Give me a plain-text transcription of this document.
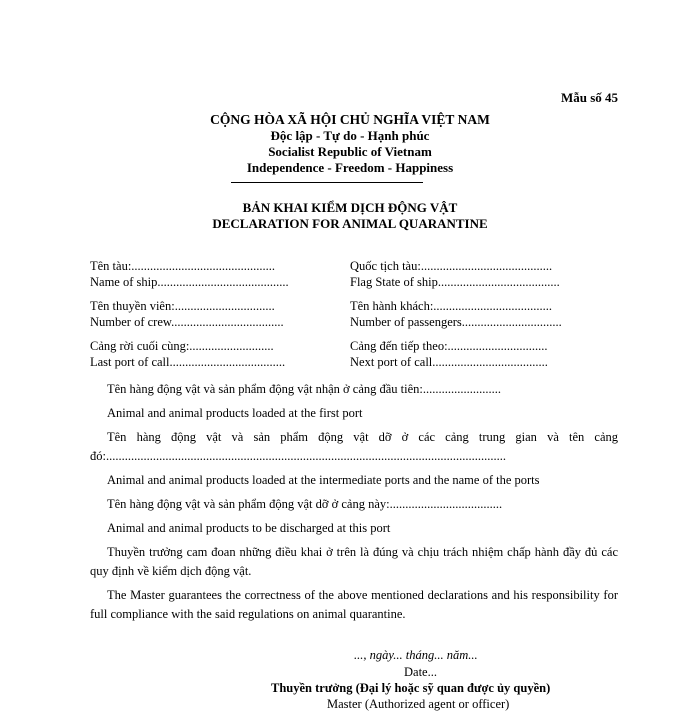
Mẫu số 45
CỘNG HÒA XÃ HỘI CHỦ NGHĨA VIỆT NAM
Độc lập - Tự do - Hạnh phúc
Socialist Republic of Vietnam
Independence - Freedom - Happiness
BẢN KHAI KIỂM DỊCH ĐỘNG VẬT
DECLARATION FOR ANIMAL QUARANTINE
Tên tàu:..............................................
Name of ship..........................................
Quốc tịch tàu:..........................................
Flag State of ship.......................................
Tên thuyền viên:................................
Number of crew....................................
Tên hành khách:......................................
Number of passengers................................
Cảng rời cuối cùng:...........................
Last port of call.....................................
Cảng đến tiếp theo:................................
Next port of call.....................................

Tên hàng động vật và sản phẩm động vật nhận ở cảng đầu tiên:.........................

Animal and animal products loaded at the first port

Tên hàng động vật và sản phẩm động vật dỡ ở các cảng trung gian và tên cảng đó:................................................................................................................................

Animal and animal products loaded at the intermediate ports and the name of the ports

Tên hàng động vật và sản phẩm động vật dỡ ở cảng này:....................................

Animal and animal products to be discharged at this port

Thuyền trưởng cam đoan những điều khai ở trên là đúng và chịu trách nhiệm chấp hành đầy đủ các quy định về kiểm dịch động vật.

The Master guarantees the correctness of the above mentioned declarations and his responsibility for full compliance with the said regulations on animal quarantine.

..., ngày... tháng... năm...
Date...
Thuyền trưởng (Đại lý hoặc sỹ quan được ủy quyền)
Master (Authorized agent or officer)
